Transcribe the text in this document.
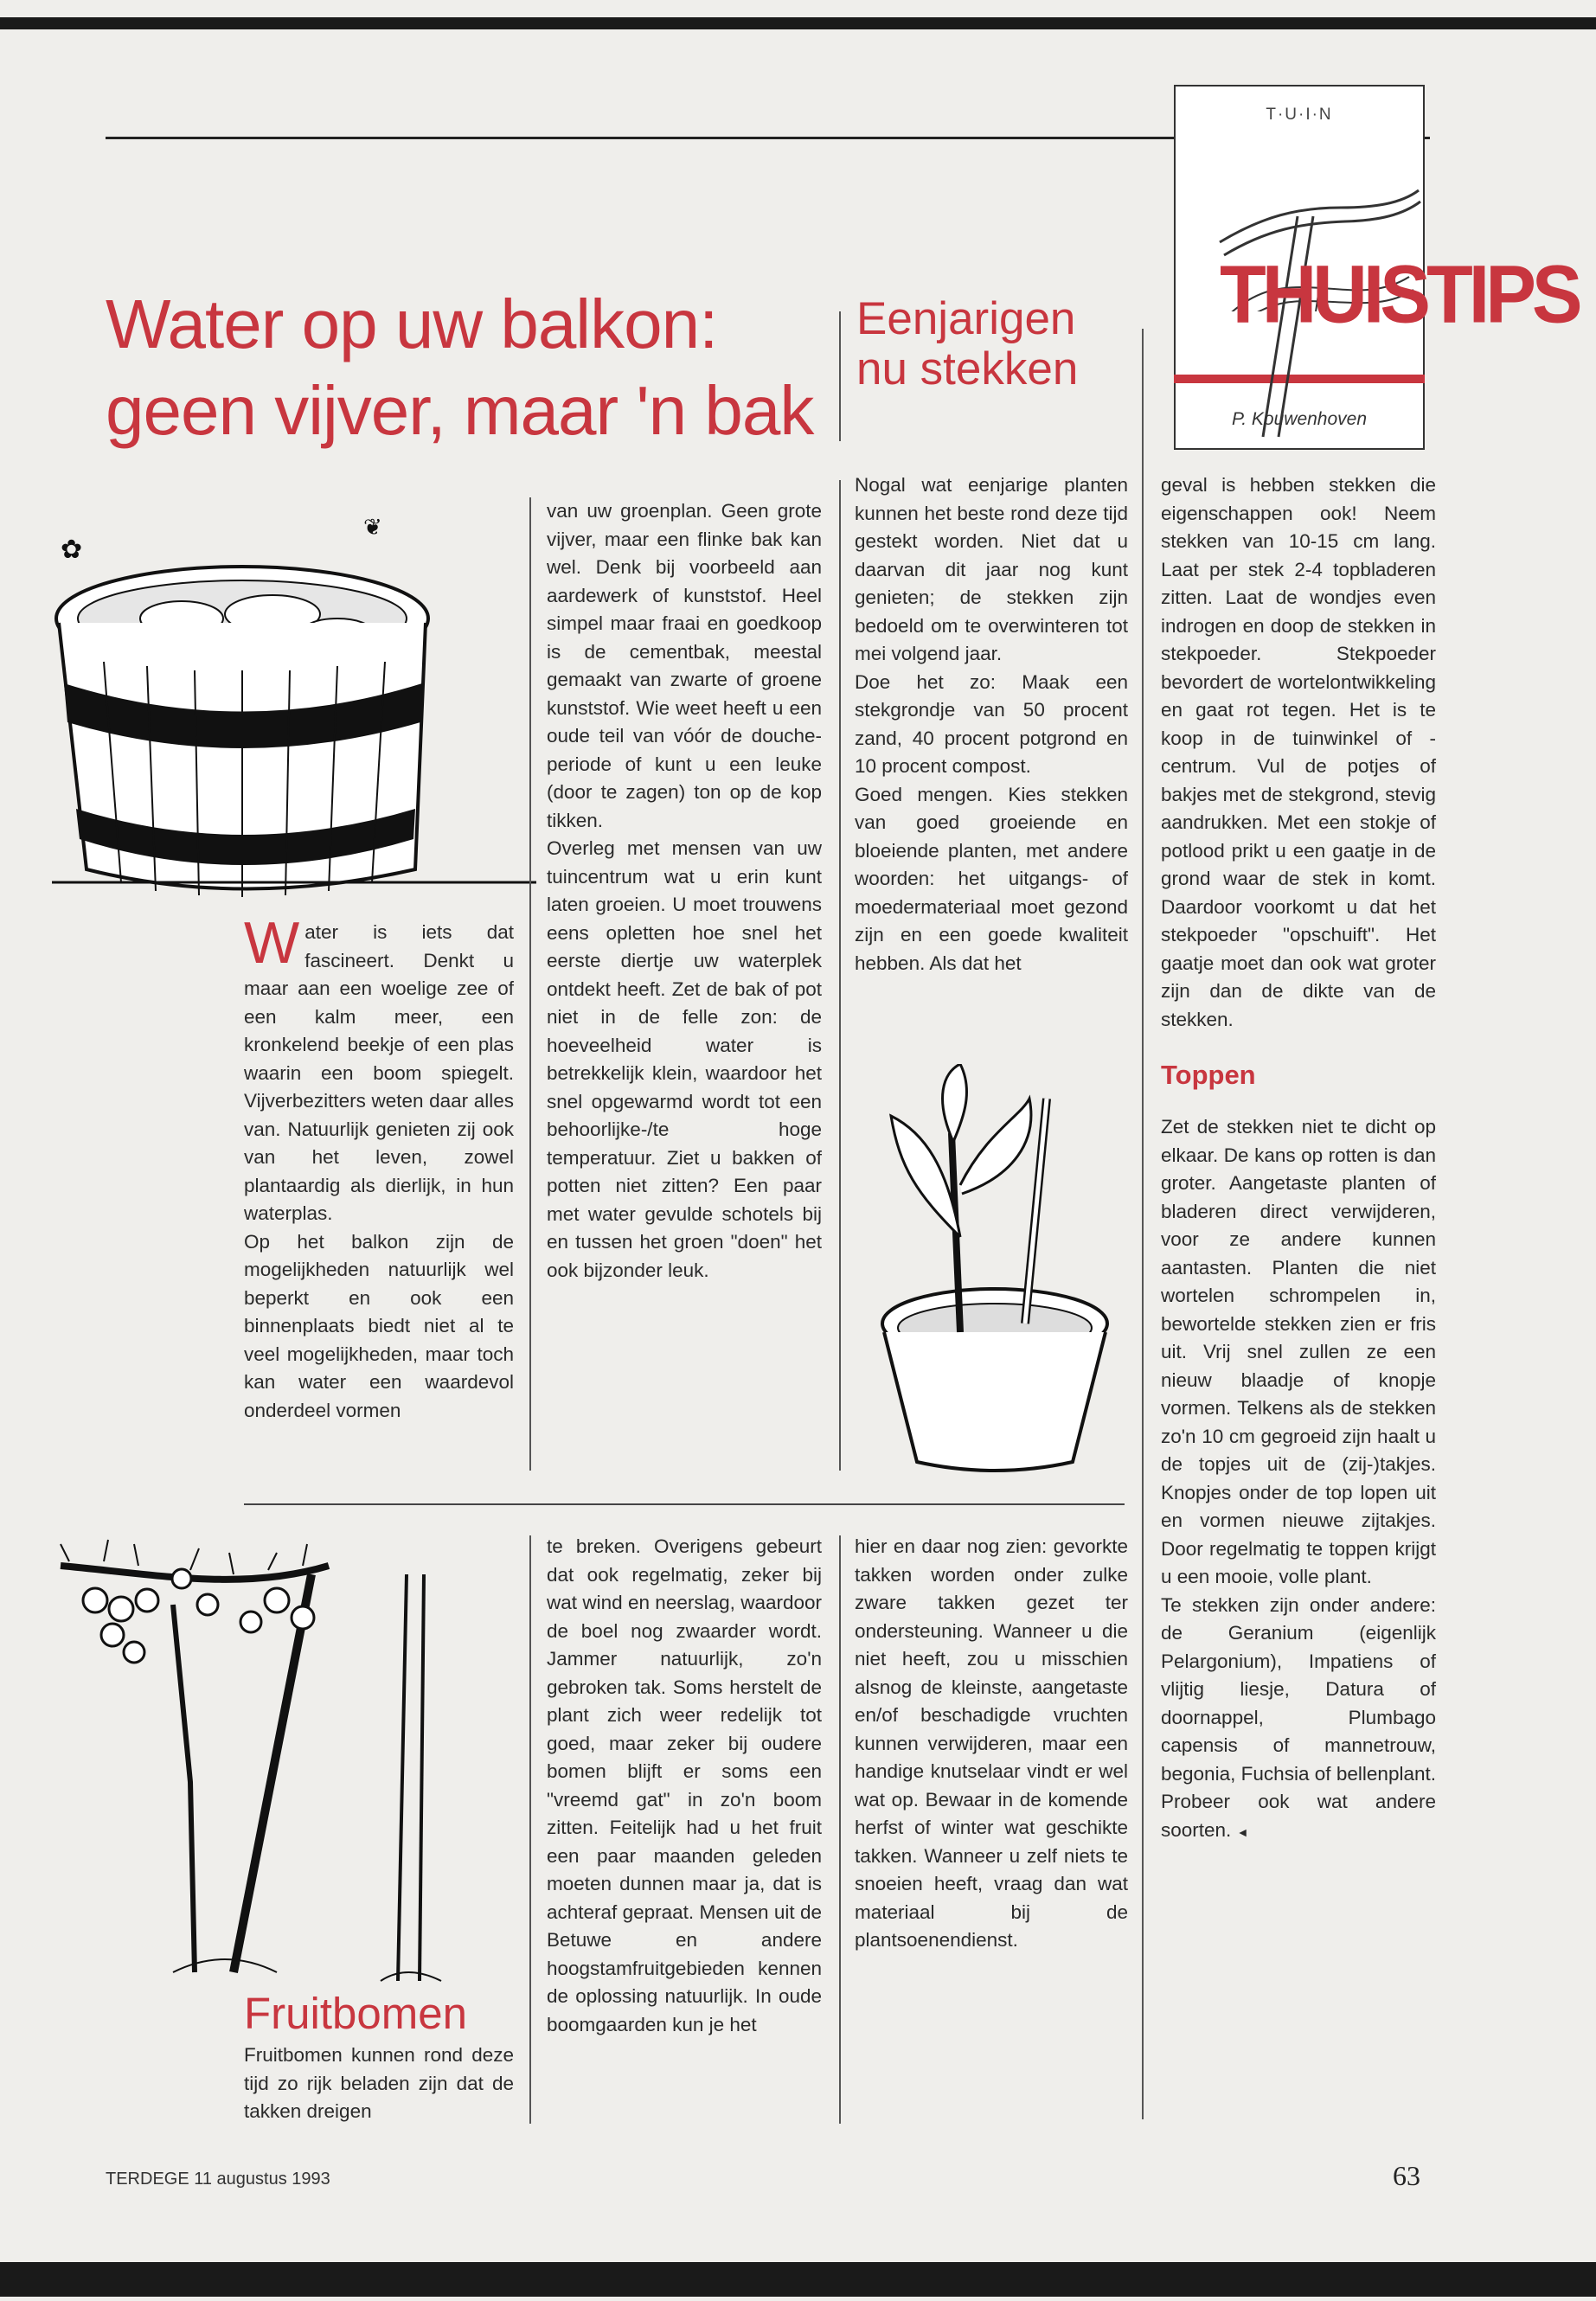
T·U·I·N
P. Kouwenhoven
THUISTIPS
Water op uw balkon:
geen vijver, maar 'n bak
Eenjarigen
nu stekken
✿
❦

Water is iets dat fascineert. Denkt u maar aan een woelige zee of een kalm meer, een kronkelend beekje of een plas waarin een boom spiegelt. Vijverbezitters weten daar alles van. Natuurlijk genieten zij ook van het leven, zowel plantaardig als dierlijk, in hun waterplas.

Op het balkon zijn de mogelijkheden natuurlijk wel beperkt en ook een binnenplaats biedt niet al te veel mogelijkheden, maar toch kan water een waardevol onderdeel vormen

van uw groenplan. Geen grote vijver, maar een flinke bak kan wel. Denk bij voorbeeld aan aardewerk of kunststof. Heel simpel maar fraai en goedkoop is de cementbak, meestal gemaakt van zwarte of groene kunststof. Wie weet heeft u een oude teil van vóór de doucheperiode of kunt u een leuke (door te zagen) ton op de kop tikken.

Overleg met mensen van uw tuincentrum wat u erin kunt laten groeien. U moet trouwens eens opletten hoe snel het eerste diertje uw waterplek ontdekt heeft. Zet de bak of pot niet in de felle zon: de hoeveelheid water is betrekkelijk klein, waardoor het snel opgewarmd wordt tot een behoorlijke-/te hoge temperatuur. Ziet u bakken of potten niet zitten? Een paar met water gevulde schotels bij en tussen het groen "doen" het ook bijzonder leuk.

Nogal wat eenjarige planten kunnen het beste rond deze tijd gestekt worden. Niet dat u daarvan dit jaar nog kunt genieten; de stekken zijn bedoeld om te overwinteren tot mei volgend jaar.

Doe het zo: Maak een stekgrondje van 50 procent zand, 40 procent potgrond en 10 procent compost.

Goed mengen. Kies stekken van goed groeiende en bloeiende planten, met andere woorden: het uitgangs- of moedermateriaal moet gezond zijn en een goede kwaliteit hebben. Als dat het

geval is hebben stekken die eigenschappen ook! Neem stekken van 10-15 cm lang. Laat per stek 2-4 topbladeren zitten. Laat de wondjes even indrogen en doop de stekken in stekpoeder. Stekpoeder bevordert de wortelontwikkeling en gaat rot tegen. Het is te koop in de tuinwinkel of -centrum. Vul de potjes of bakjes met de stekgrond, stevig aandrukken. Met een stokje of potlood prikt u een gaatje in de grond waar de stek in komt. Daardoor voorkomt u dat het stekpoeder "opschuift". Het gaatje moet dan ook wat groter zijn dan de dikte van de stekken.

Toppen

Zet de stekken niet te dicht op elkaar. De kans op rotten is dan groter. Aangetaste planten of bladeren direct verwijderen, voor ze andere kunnen aantasten. Planten die niet wortelen schrompelen in, bewortelde stekken zien er fris uit. Vrij snel zullen ze een nieuw blaadje of knopje vormen. Telkens als de stekken zo'n 10 cm gegroeid zijn haalt u de topjes uit de (zij-)takjes. Knopjes onder de top lopen uit en vormen nieuwe zijtakjes. Door regelmatig te toppen krijgt u een mooie, volle plant.

Te stekken zijn onder andere: de Geranium (eigenlijk Pelargonium), Impatiens of vlijtig liesje, Datura of doornappel, Plumbago capensis of mannetrouw, begonia, Fuchsia of bellenplant. Probeer ook wat andere soorten. ◄

Fruitbomen

Fruitbomen kunnen rond deze tijd zo rijk beladen zijn dat de takken dreigen

te breken. Overigens gebeurt dat ook regelmatig, zeker bij wat wind en neerslag, waardoor de boel nog zwaarder wordt. Jammer natuurlijk, zo'n gebroken tak. Soms herstelt de plant zich weer redelijk tot goed, maar zeker bij oudere bomen blijft er soms een "vreemd gat" in zo'n boom zitten. Feitelijk had u het fruit een paar maanden geleden moeten dunnen maar ja, dat is achteraf gepraat. Mensen uit de Betuwe en andere hoogstamfruitgebieden kennen de oplossing natuurlijk. In oude boomgaarden kun je het

hier en daar nog zien: gevorkte takken worden onder zulke zware takken gezet ter ondersteuning. Wanneer u die niet heeft, zou u misschien alsnog de kleinste, aangetaste en/of beschadigde vruchten kunnen verwijderen, maar een handige knutselaar vindt er wel wat op. Bewaar in de komende herfst of winter wat geschikte takken. Wanneer u zelf niets te snoeien heeft, vraag dan wat materiaal bij de plantsoenendienst.

TERDEGE 11 augustus 1993	63
